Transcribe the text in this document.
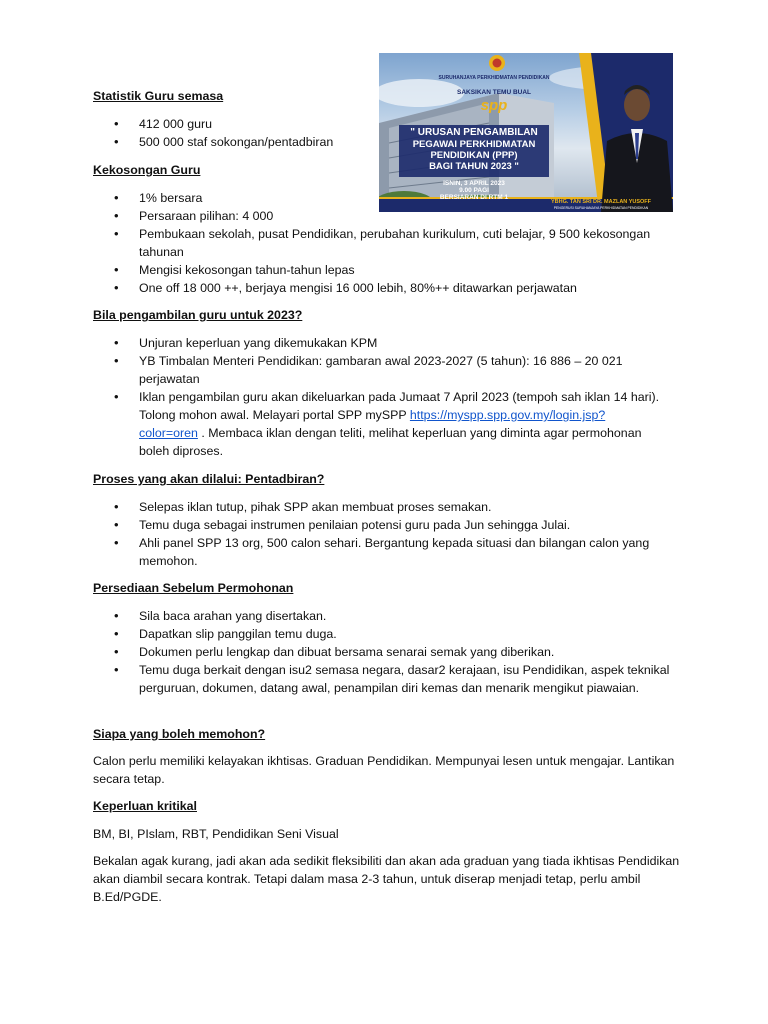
SURUHANJAYA PERKHIDMATAN PENDIDIKAN
SAKSIKAN TEMU BUAL
spp
" URUSAN PENGAMBILAN
PEGAWAI PERKHIDMATAN
PENDIDIKAN (PPP)
BAGI TAHUN 2023 "
ISNIN, 3 APRIL 2023
9.00 PAGI
BERSIARAN DI RTM 1
YBHG. TAN SRI DR. MAZLAN YUSOFF
PENGERUSI SURUHANJAYA PERKHIDMATAN PENDIDIKAN

Statistik Guru semasa

• 412 000 guru
• 500 000 staf sokongan/pentadbiran

Kekosongan Guru

• 1% bersara
• Persaraan pilihan: 4 000
• Pembukaan sekolah, pusat Pendidikan, perubahan kurikulum, cuti belajar, 9 500 kekosongan tahunan
• Mengisi kekosongan tahun-tahun lepas
• One off 18 000 ++, berjaya mengisi 16 000 lebih, 80%++ ditawarkan perjawatan

Bila pengambilan guru untuk 2023?

• Unjuran keperluan yang dikemukakan KPM
• YB Timbalan Menteri Pendidikan: gambaran awal 2023-2027 (5 tahun): 16 886 – 20 021 perjawatan
• Iklan pengambilan guru akan dikeluarkan pada Jumaat 7 April 2023 (tempoh sah iklan 14 hari). Tolong mohon awal. Melayari portal SPP mySPP https://myspp.spp.gov.my/login.jsp?color=oren . Membaca iklan dengan teliti, melihat keperluan yang diminta agar permohonan boleh diproses.

Proses yang akan dilalui: Pentadbiran?

• Selepas iklan tutup, pihak SPP akan membuat proses semakan.
• Temu duga sebagai instrumen penilaian potensi guru pada Jun sehingga Julai.
• Ahli panel SPP 13 org, 500 calon sehari. Bergantung kepada situasi dan bilangan calon yang memohon.

Persediaan Sebelum Permohonan

• Sila baca arahan yang disertakan.
• Dapatkan slip panggilan temu duga.
• Dokumen perlu lengkap dan dibuat bersama senarai semak yang diberikan.
• Temu duga berkait dengan isu2 semasa negara, dasar2 kerajaan, isu Pendidikan, aspek teknikal perguruan, dokumen, datang awal, penampilan diri kemas dan menarik mengikut piawaian.

Siapa yang boleh memohon?

Calon perlu memiliki kelayakan ikhtisas. Graduan Pendidikan. Mempunyai lesen untuk mengajar. Lantikan secara tetap.

Keperluan kritikal

BM, BI, PIslam, RBT, Pendidikan Seni Visual

Bekalan agak kurang, jadi akan ada sedikit fleksibiliti dan akan ada graduan yang tiada ikhtisas Pendidikan akan diambil secara kontrak. Tetapi dalam masa 2-3 tahun, untuk diserap menjadi tetap, perlu ambil B.Ed/PGDE.
